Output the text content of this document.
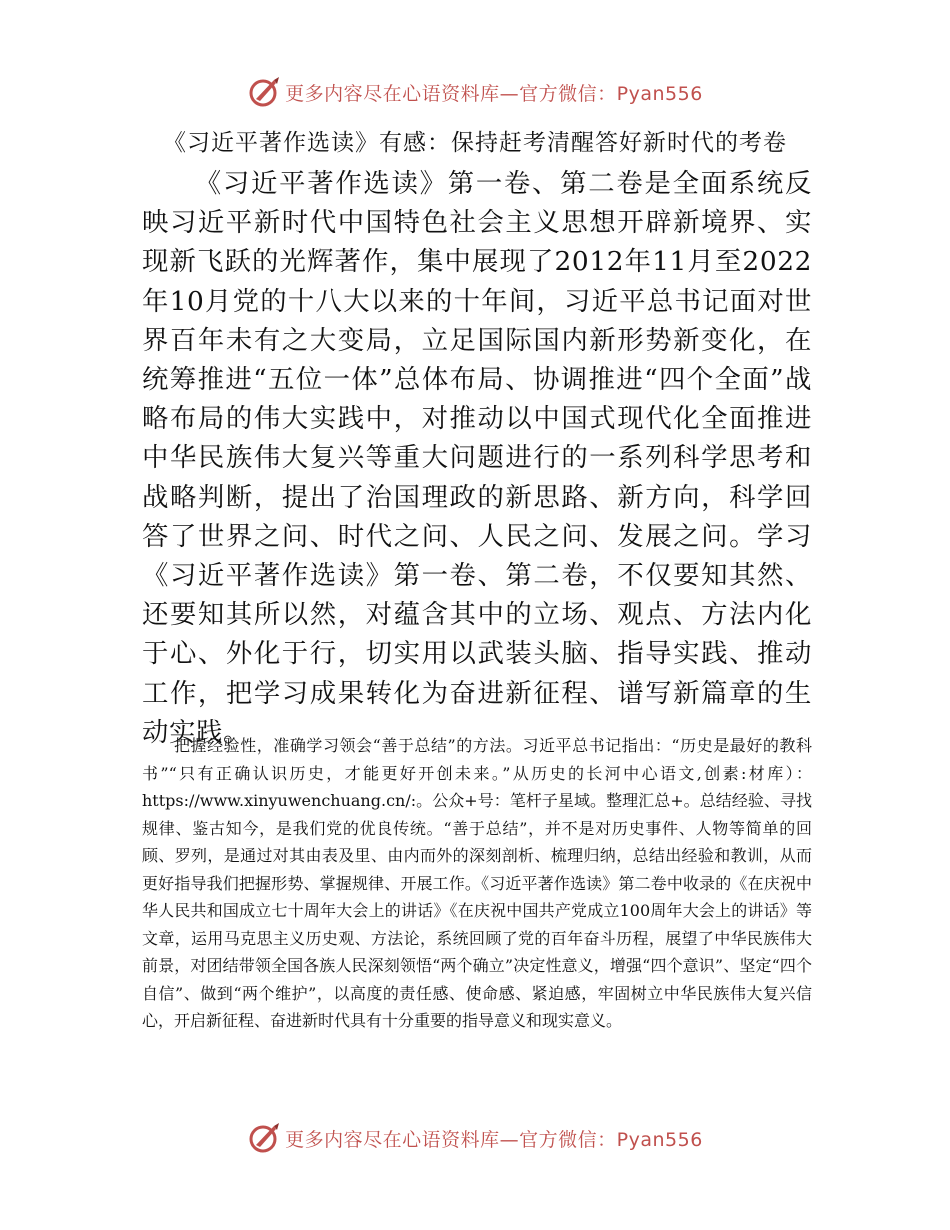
更多内容尽在心语资料库—官方微信：Pyan556
《习近平著作选读》有感：保持赶考清醒答好新时代的考卷

《习近平著作选读》第一卷、第二卷是全面系统反映习近平新时代中国特色社会主义思想开辟新境界、实现新飞跃的光辉著作，集中展现了2012年11月至2022年10月党的十八大以来的十年间，习近平总书记面对世界百年未有之大变局，立足国际国内新形势新变化，在统筹推进“五位一体”总体布局、协调推进“四个全面”战略布局的伟大实践中，对推动以中国式现代化全面推进中华民族伟大复兴等重大问题进行的一系列科学思考和战略判断，提出了治国理政的新思路、新方向，科学回答了世界之问、时代之问、人民之问、发展之问。学习《习近平著作选读》第一卷、第二卷，不仅要知其然、还要知其所以然，对蕴含其中的立场、观点、方法内化于心、外化于行，切实用以武装头脑、指导实践、推动工作，把学习成果转化为奋进新征程、谱写新篇章的生动实践。

把握经验性，准确学习领会“善于总结”的方法。习近平总书记指出：“历史是最好的教科书”“只有正确认识历史，才能更好开创未来。”从历史的长河中心语文,创素:材库）：https://www.xinyuwenchuang.cn/:。公众+号：笔杆子星域。整理汇总+。总结经验、寻找规律、鉴古知今，是我们党的优良传统。“善于总结”，并不是对历史事件、人物等简单的回顾、罗列，是通过对其由表及里、由内而外的深刻剖析、梳理归纳，总结出经验和教训，从而更好指导我们把握形势、掌握规律、开展工作。《习近平著作选读》第二卷中收录的《在庆祝中华人民共和国成立七十周年大会上的讲话》《在庆祝中国共产党成立100周年大会上的讲话》等文章，运用马克思主义历史观、方法论，系统回顾了党的百年奋斗历程，展望了中华民族伟大前景，对团结带领全国各族人民深刻领悟“两个确立”决定性意义，增强“四个意识”、坚定“四个自信”、做到“两个维护”，以高度的责任感、使命感、紧迫感，牢固树立中华民族伟大复兴信心，开启新征程、奋进新时代具有十分重要的指导意义和现实意义。

更多内容尽在心语资料库—官方微信：Pyan556
